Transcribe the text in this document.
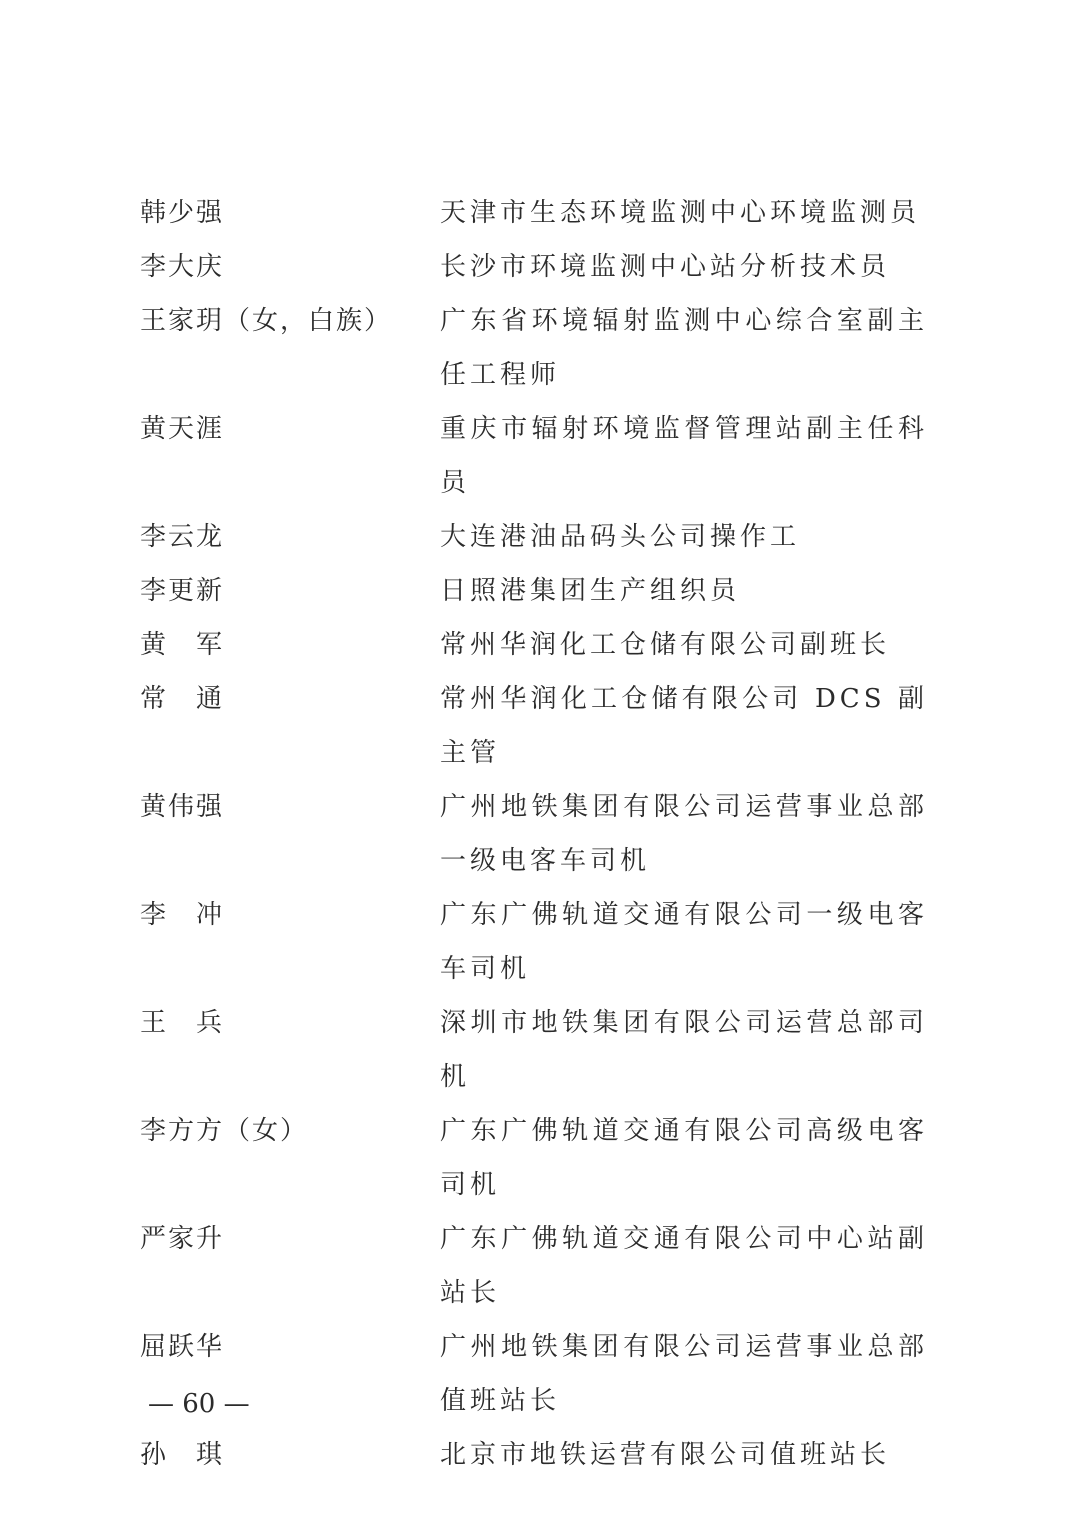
韩少强	天津市生态环境监测中心环境监测员
李大庆	长沙市环境监测中心站分析技术员
王家玥（女，白族）	广东省环境辐射监测中心综合室副主任工程师
黄天涯	重庆市辐射环境监督管理站副主任科员
李云龙	大连港油品码头公司操作工
李更新	日照港集团生产组织员
黄　军	常州华润化工仓储有限公司副班长
常　通	常州华润化工仓储有限公司 DCS 副主管
黄伟强	广州地铁集团有限公司运营事业总部一级电客车司机
李　冲	广东广佛轨道交通有限公司一级电客车司机
王　兵	深圳市地铁集团有限公司运营总部司机
李方方（女）	广东广佛轨道交通有限公司高级电客司机
严家升	广东广佛轨道交通有限公司中心站副站长
屈跃华	广州地铁集团有限公司运营事业总部值班站长
孙　琪	北京市地铁运营有限公司值班站长
— 60 —
